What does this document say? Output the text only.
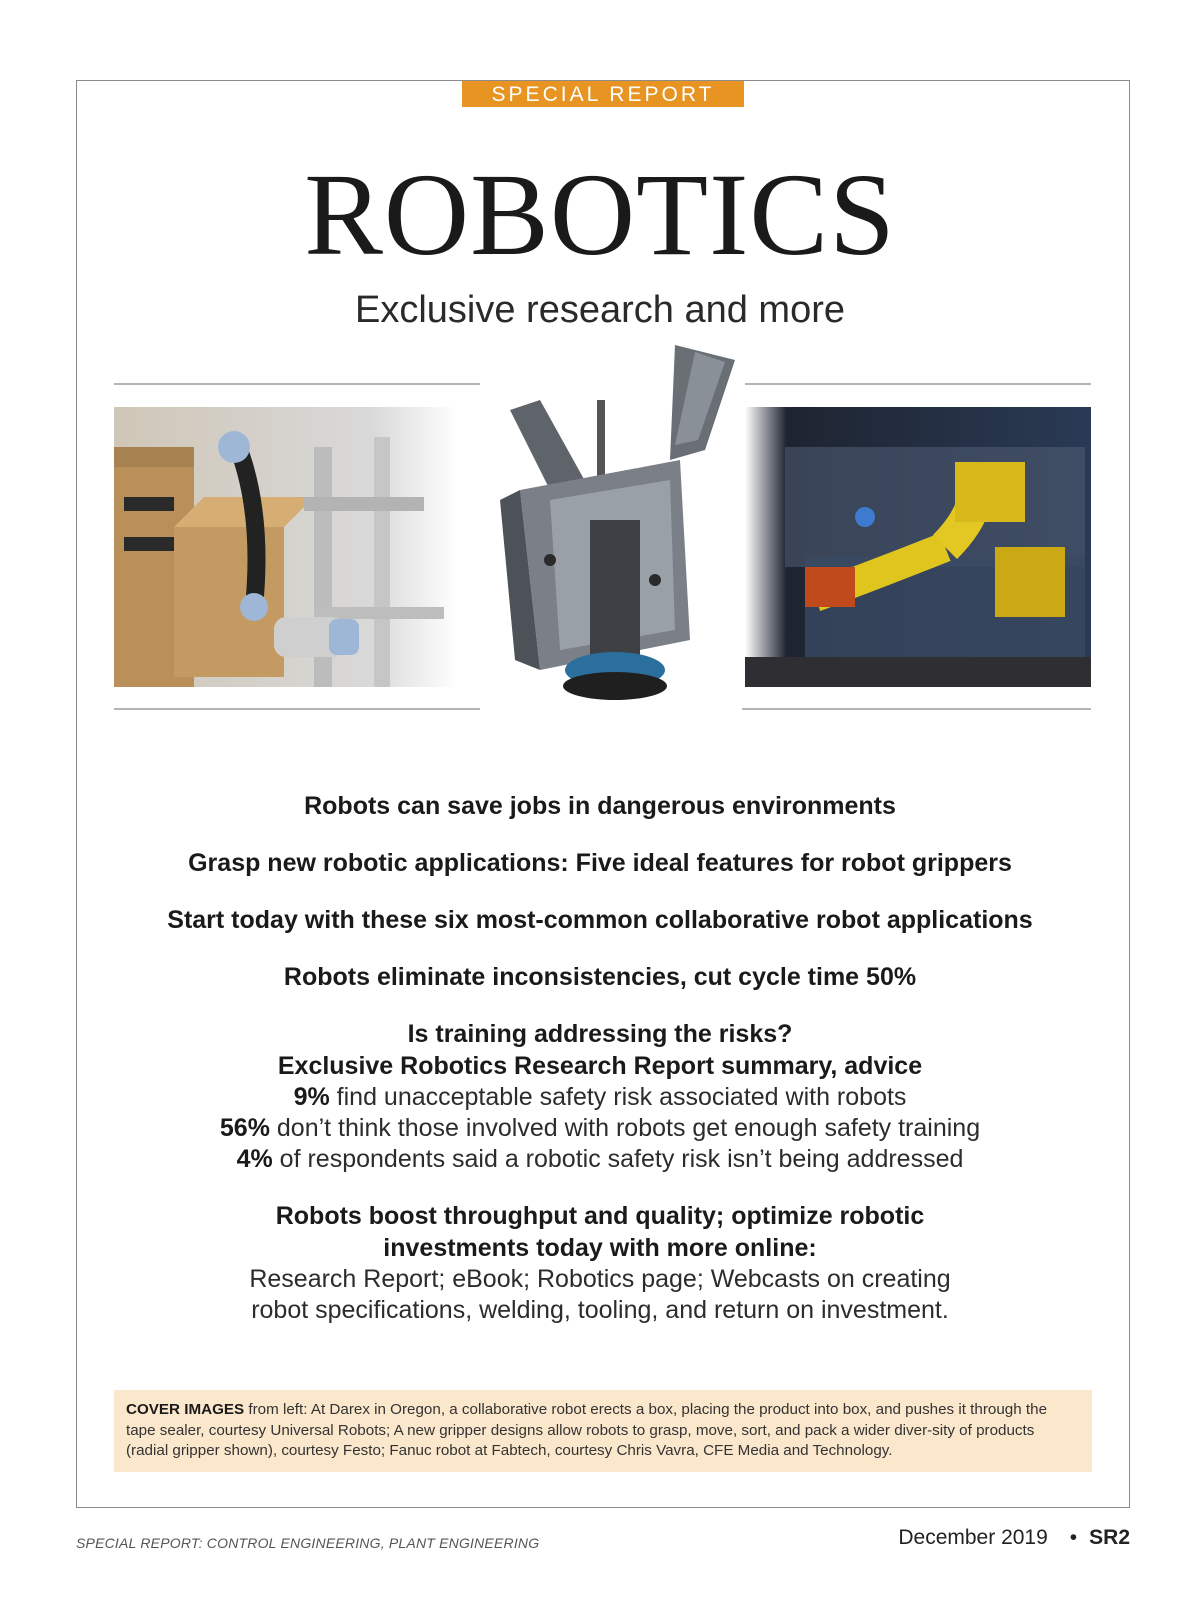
SPECIAL REPORT
ROBOTICS
Exclusive research and more
Robots can save jobs in dangerous environments
Grasp new robotic applications: Five ideal features for robot grippers
Start today with these six most-common collaborative robot applications
Robots eliminate inconsistencies, cut cycle time 50%
Is training addressing the risks?
Exclusive Robotics Research Report summary, advice
9% find unacceptable safety risk associated with robots
56% don’t think those involved with robots get enough safety training
4% of respondents said a robotic safety risk isn’t being addressed
Robots boost throughput and quality; optimize robotic
investments today with more online:
Research Report; eBook; Robotics page; Webcasts on creating
robot specifications, welding, tooling, and return on investment.
COVER IMAGES from left: At Darex in Oregon, a collaborative robot erects a box, placing the product into box, and pushes it through the tape sealer, courtesy Universal Robots; A new gripper designs allow robots to grasp, move, sort, and pack a wider diver-sity of products (radial gripper shown), courtesy Festo; Fanuc robot at Fabtech, courtesy Chris Vavra, CFE Media and Technology.
SPECIAL REPORT: CONTROL ENGINEERING, PLANT ENGINEERING	December 2019 • SR2
